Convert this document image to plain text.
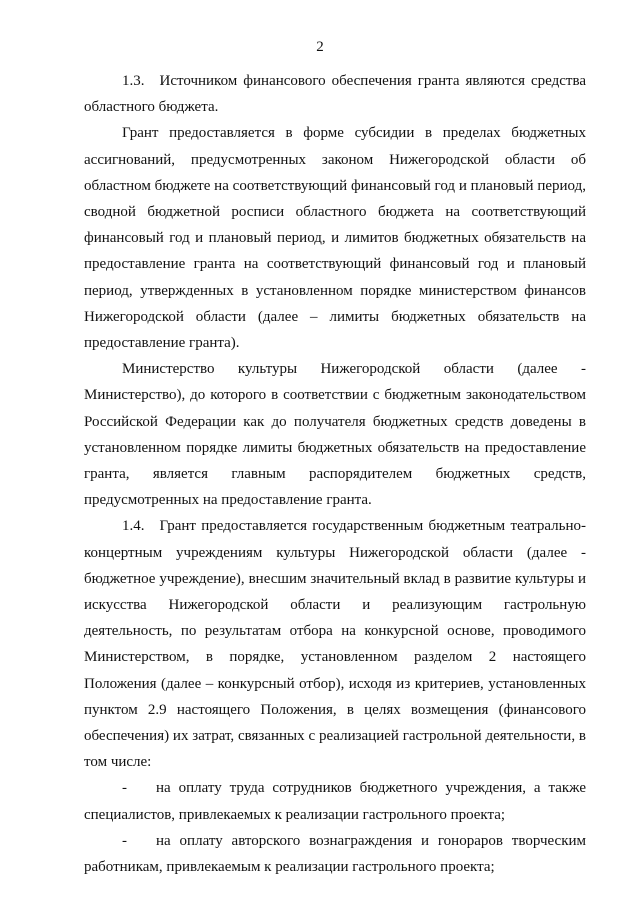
2

1.3. Источником финансового обеспечения гранта являются средства областного бюджета.

Грант предоставляется в форме субсидии в пределах бюджетных ассигнований, предусмотренных законом Нижегородской области об областном бюджете на соответствующий финансовый год и плановый период, сводной бюджетной росписи областного бюджета на соответствующий финансовый год и плановый период, и лимитов бюджетных обязательств на предоставление гранта на соответствующий финансовый год и плановый период, утвержденных в установленном порядке министерством финансов Нижегородской области (далее – лимиты бюджетных обязательств на предоставление гранта).

Министерство культуры Нижегородской области (далее - Министерство), до которого в соответствии с бюджетным законодательством Российской Федерации как до получателя бюджетных средств доведены в установленном порядке лимиты бюджетных обязательств на предоставление гранта, является главным распорядителем бюджетных средств, предусмотренных на предоставление гранта.

1.4. Грант предоставляется государственным бюджетным театрально-концертным учреждениям культуры Нижегородской области (далее - бюджетное учреждение), внесшим значительный вклад в развитие культуры и искусства Нижегородской области и реализующим гастрольную деятельность, по результатам отбора на конкурсной основе, проводимого Министерством, в порядке, установленном разделом 2 настоящего Положения (далее – конкурсный отбор), исходя из критериев, установленных пунктом 2.9 настоящего Положения, в целях возмещения (финансового обеспечения) их затрат, связанных с реализацией гастрольной деятельности, в том числе:

- на оплату труда сотрудников бюджетного учреждения, а также специалистов, привлекаемых к реализации гастрольного проекта;

- на оплату авторского вознаграждения и гонораров творческим работникам, привлекаемым к реализации гастрольного проекта;
